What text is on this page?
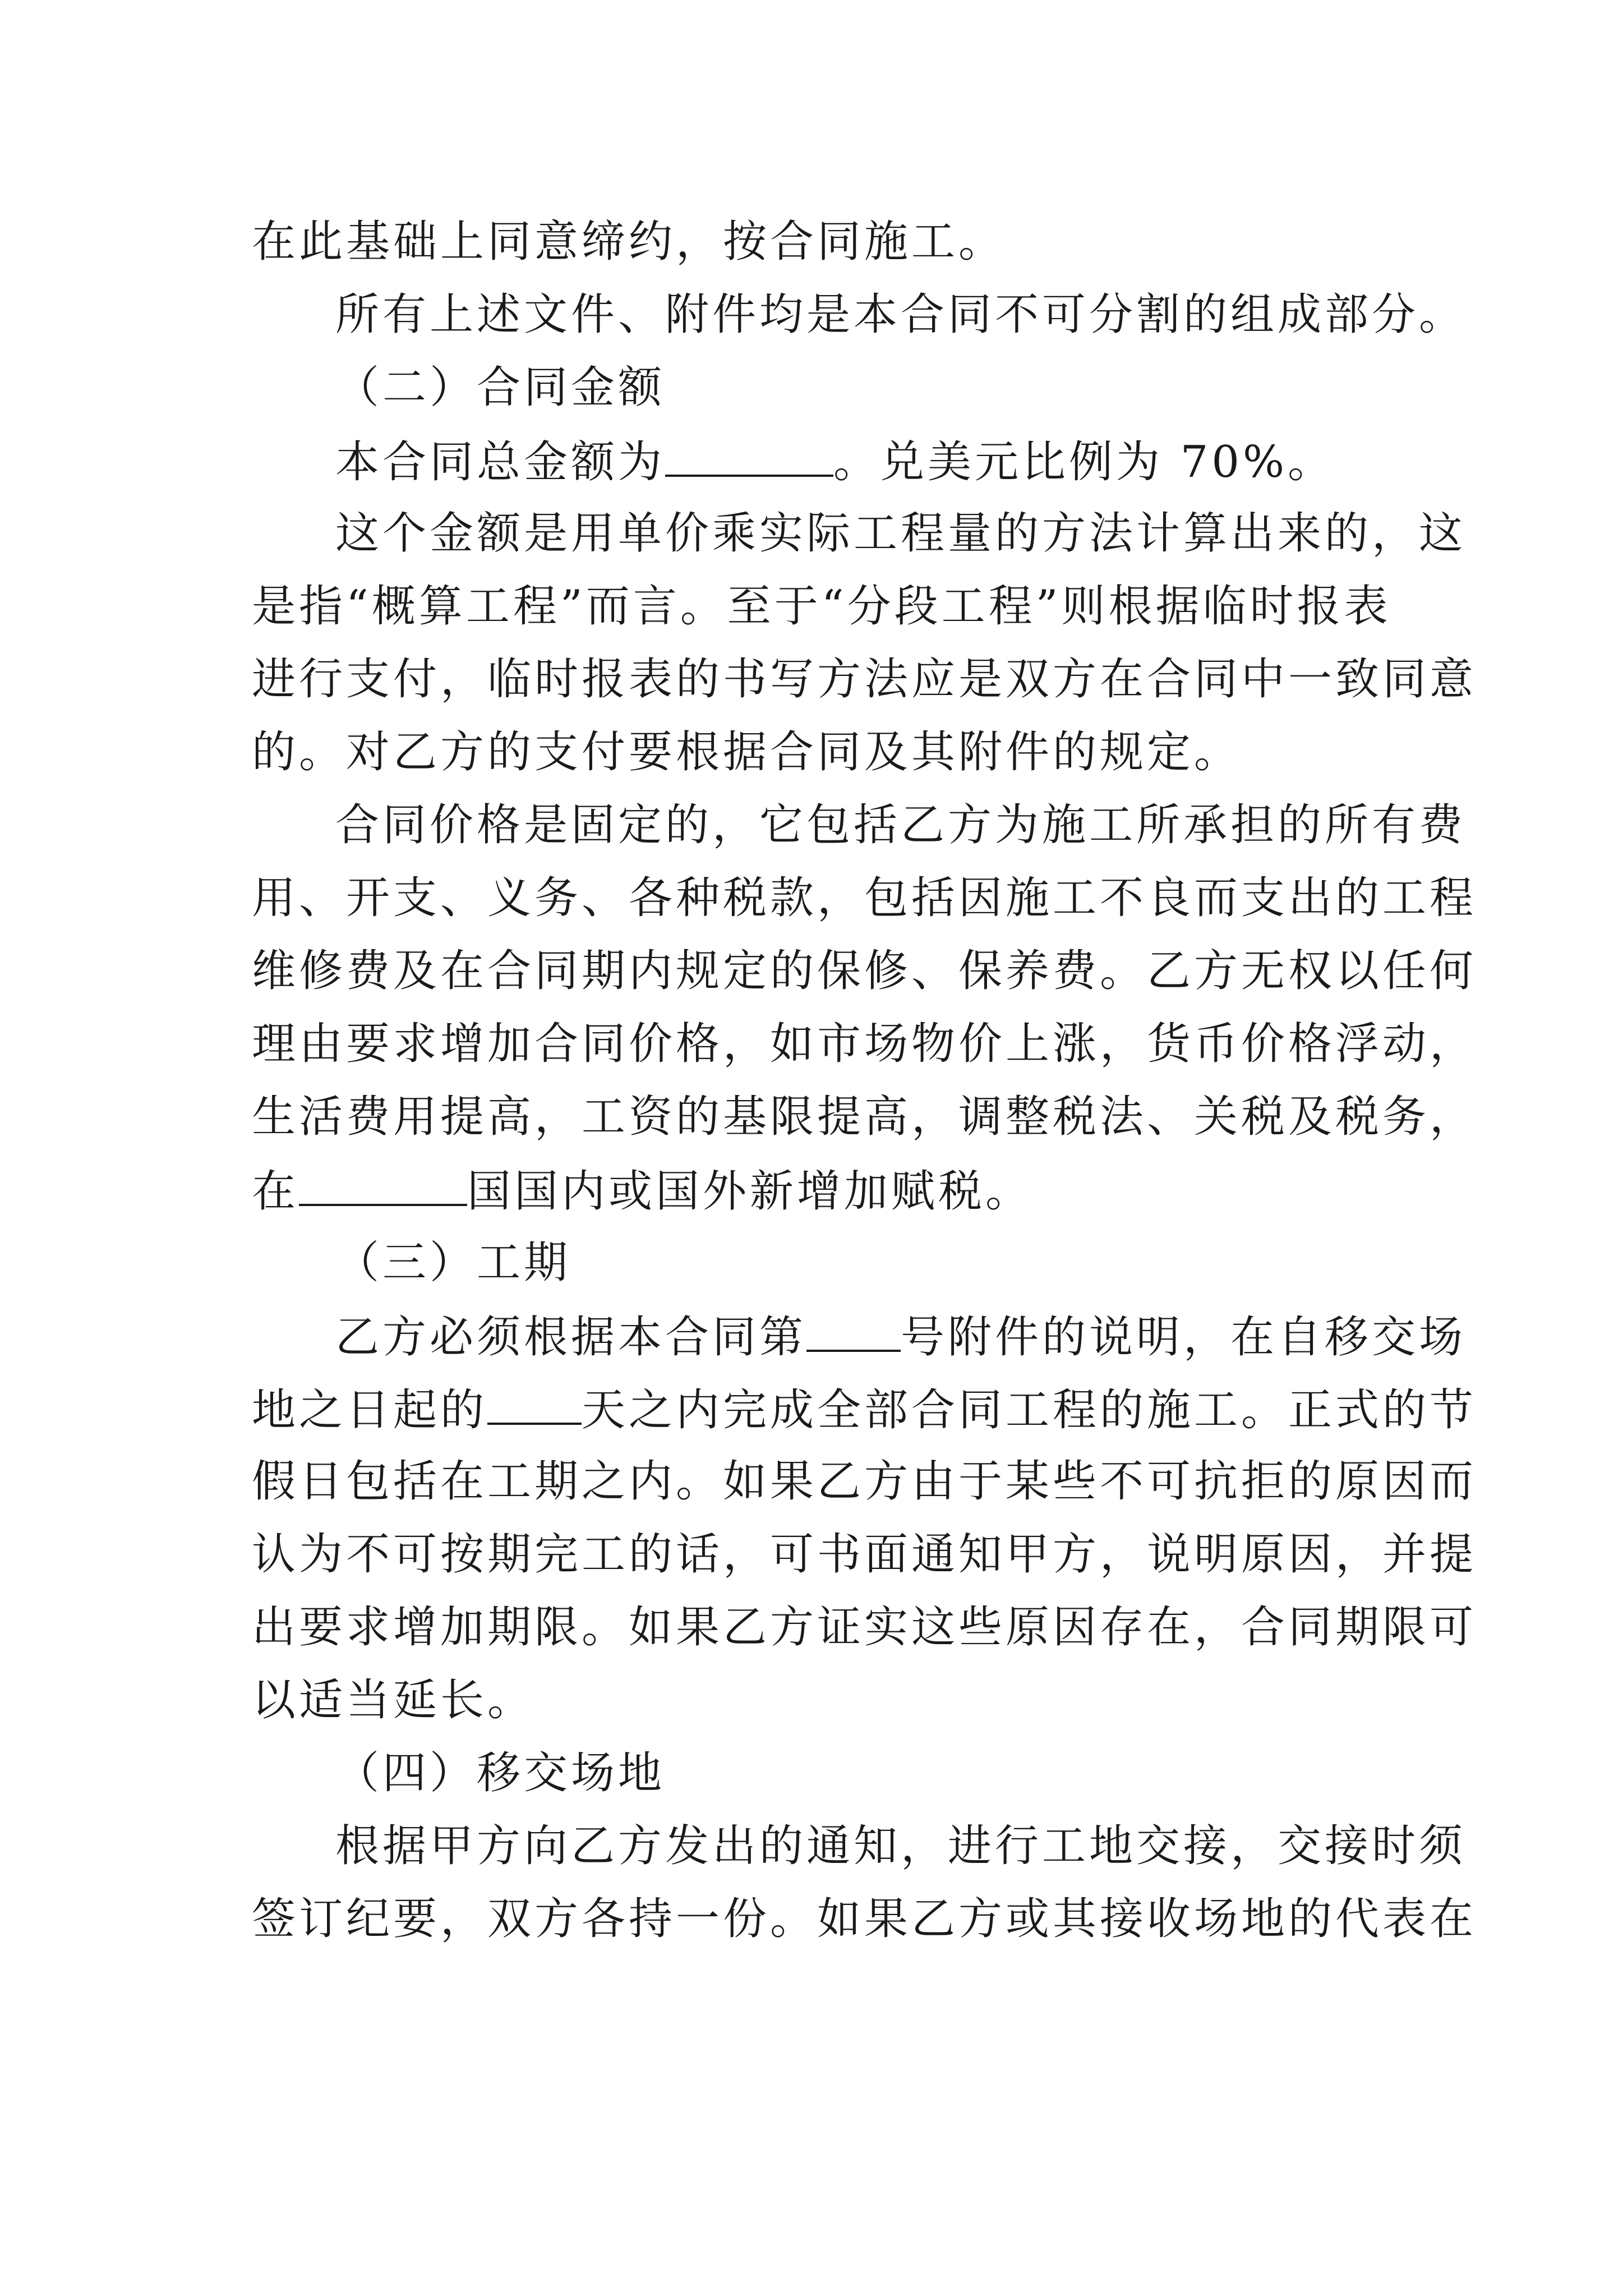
在此基础上同意缔约，按合同施工。
所有上述文件、附件均是本合同不可分割的组成部分。
（二）合同金额
本合同总金额为	。兑美元比例为 70%。
这个金额是用单价乘实际工程量的方法计算出来的，这
是指“概算工程”而言。至于“分段工程”则根据临时报表
进行支付，临时报表的书写方法应是双方在合同中一致同意
的。对乙方的支付要根据合同及其附件的规定。
合同价格是固定的，它包括乙方为施工所承担的所有费
用、开支、义务、各种税款，包括因施工不良而支出的工程
维修费及在合同期内规定的保修、保养费。乙方无权以任何
理由要求增加合同价格，如市场物价上涨，货币价格浮动，
生活费用提高，工资的基限提高，调整税法、关税及税务，
在	国国内或国外新增加赋税。
（三）工期
乙方必须根据本合同第 号附件的说明，在自移交场
地之日起的 天之内完成全部合同工程的施工。正式的节
假日包括在工期之内。如果乙方由于某些不可抗拒的原因而
认为不可按期完工的话，可书面通知甲方，说明原因，并提
出要求增加期限。如果乙方证实这些原因存在，合同期限可
以适当延长。
（四）移交场地
根据甲方向乙方发出的通知，进行工地交接，交接时须
签订纪要，双方各持一份。如果乙方或其接收场地的代表在
